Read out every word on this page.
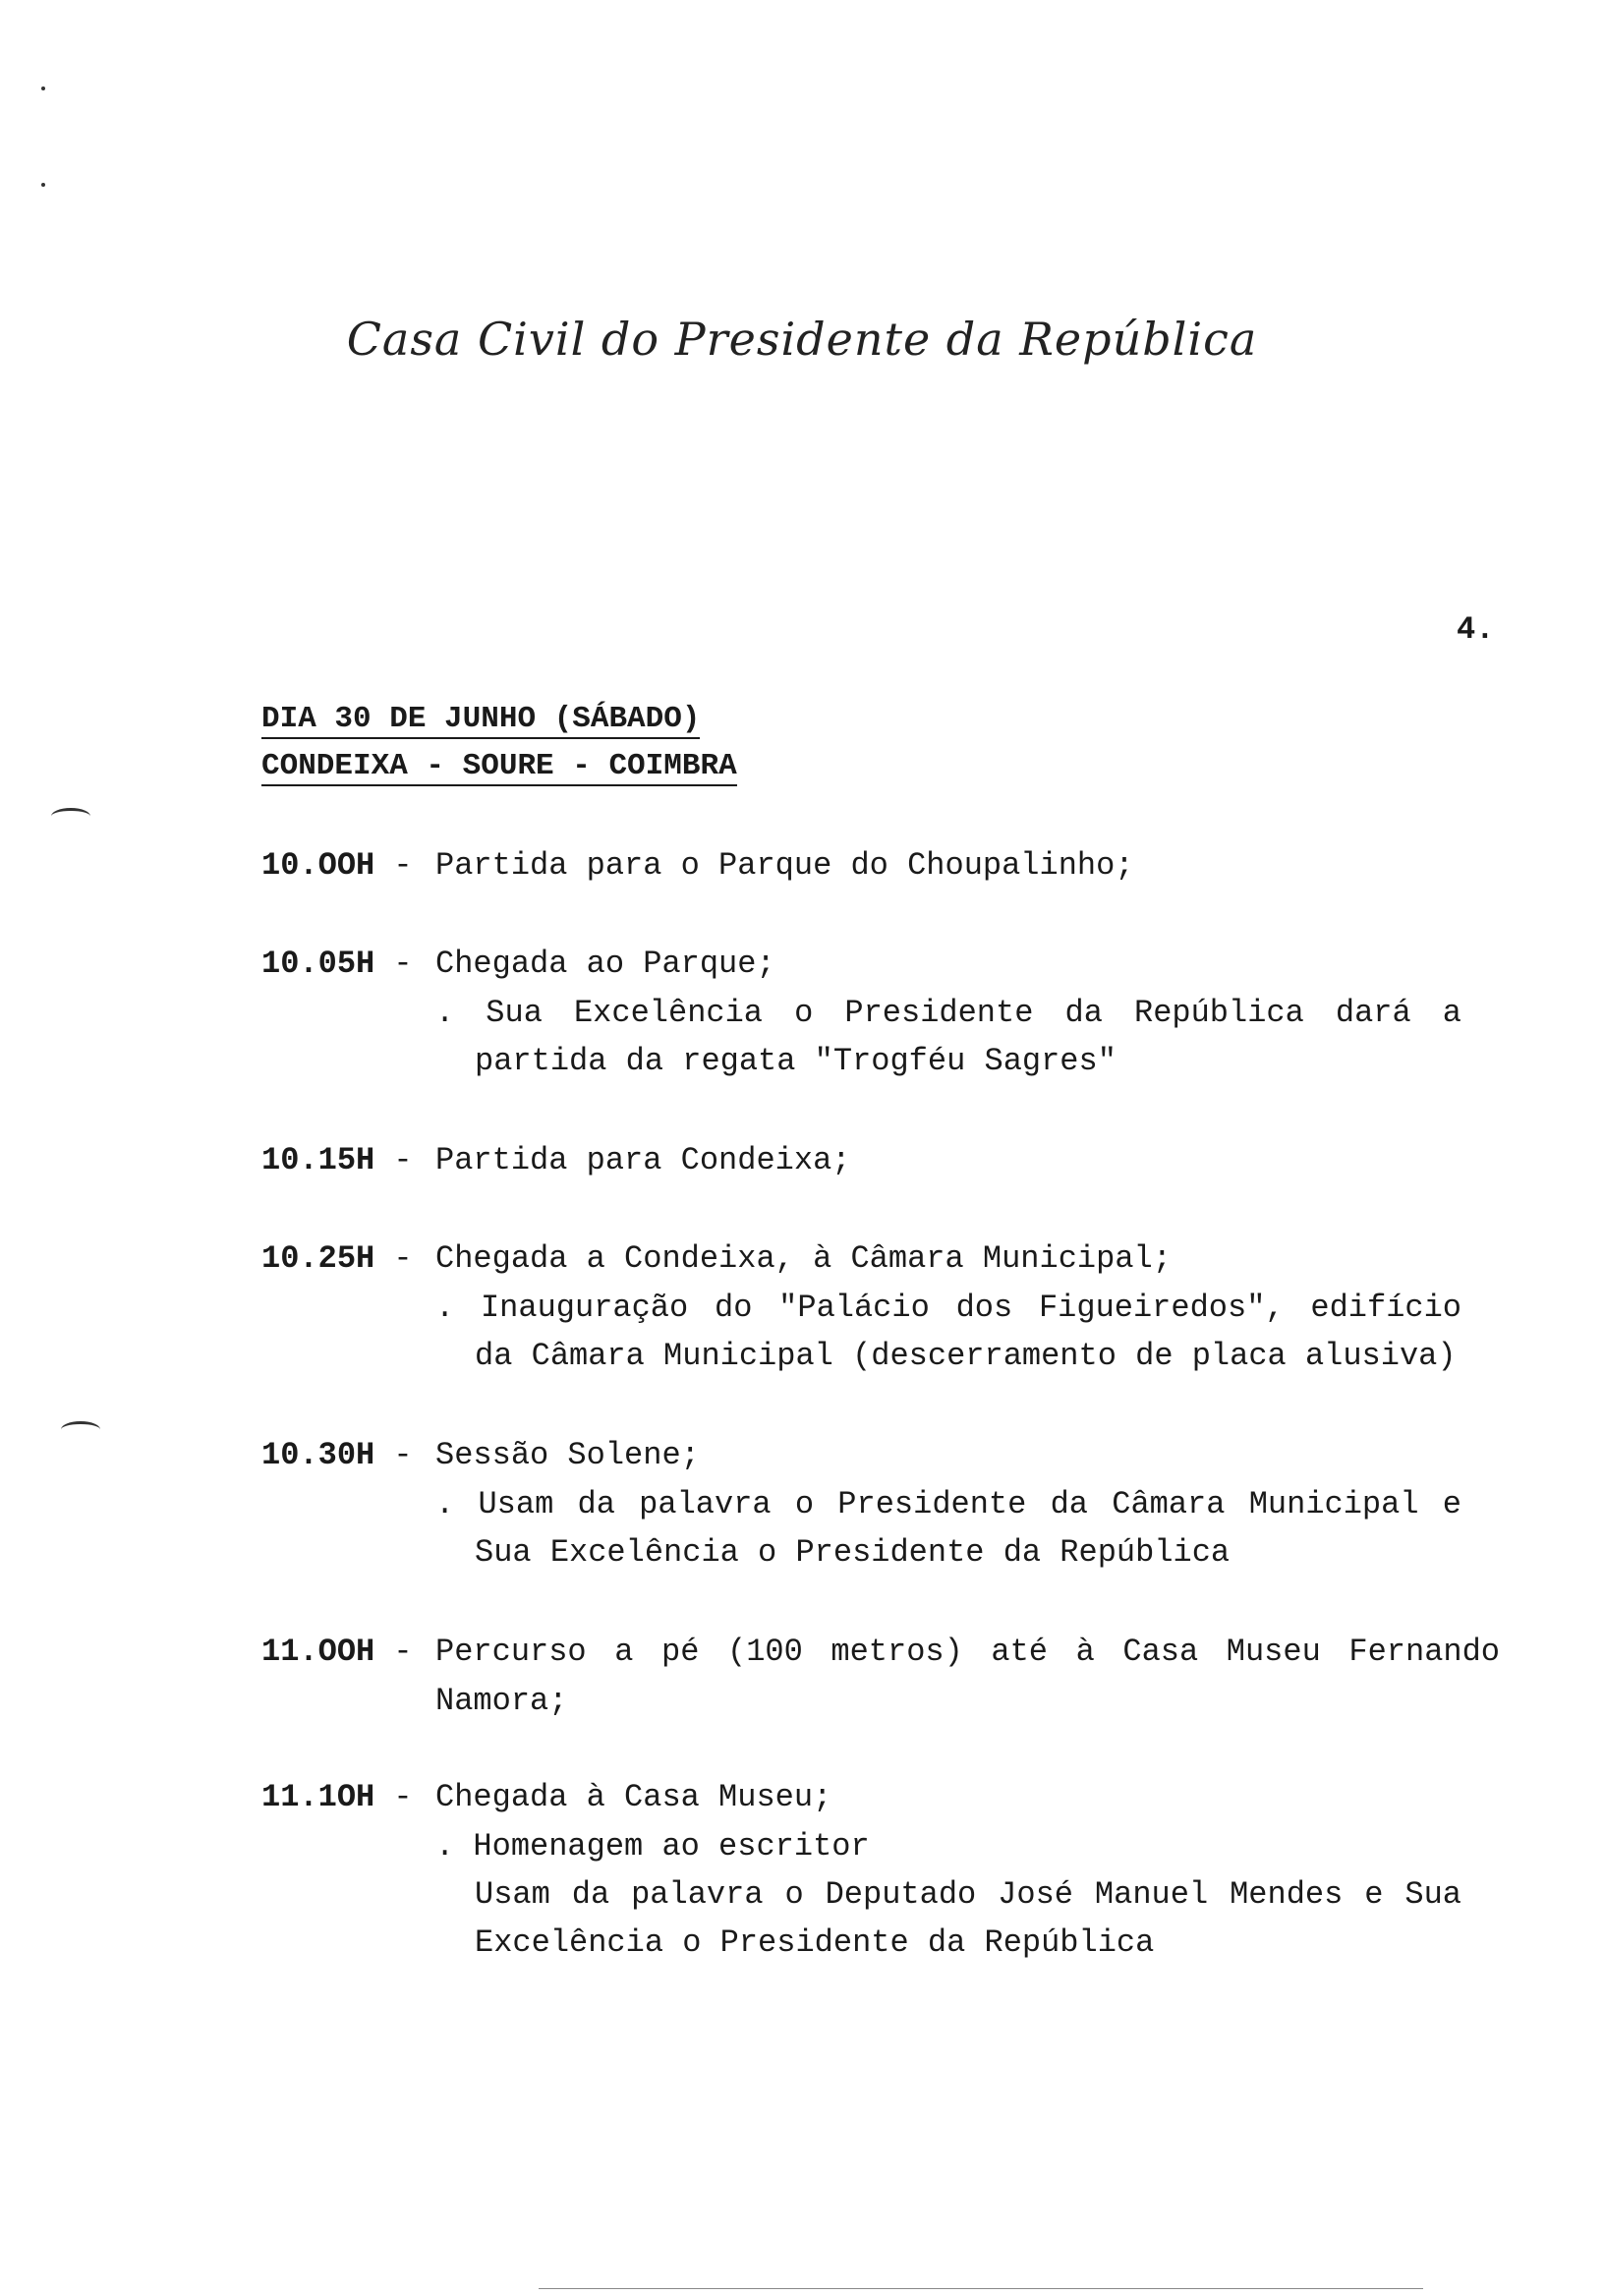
Casa Civil do Presidente da República
4.
DIA 30 DE JUNHO (SÁBADO)
CONDEIXA - SOURE - COIMBRA
10.OOH - Partida para o Parque do Choupalinho;
10.05H - Chegada ao Parque;
. Sua Excelência o Presidente da República dará a
partida da regata "Trogféu Sagres"
10.15H - Partida para Condeixa;
10.25H - Chegada a Condeixa, à Câmara Municipal;
. Inauguração do "Palácio dos Figueiredos", edifício
da Câmara Municipal (descerramento de placa alusiva)
10.30H - Sessão Solene;
. Usam da palavra o Presidente da Câmara Municipal e
Sua Excelência o Presidente da República
11.OOH - Percurso a pé (100 metros) até à Casa Museu Fernando
Namora;
11.1OH - Chegada à Casa Museu;
. Homenagem ao escritor
Usam da palavra o Deputado José Manuel Mendes e Sua
Excelência o Presidente da República
